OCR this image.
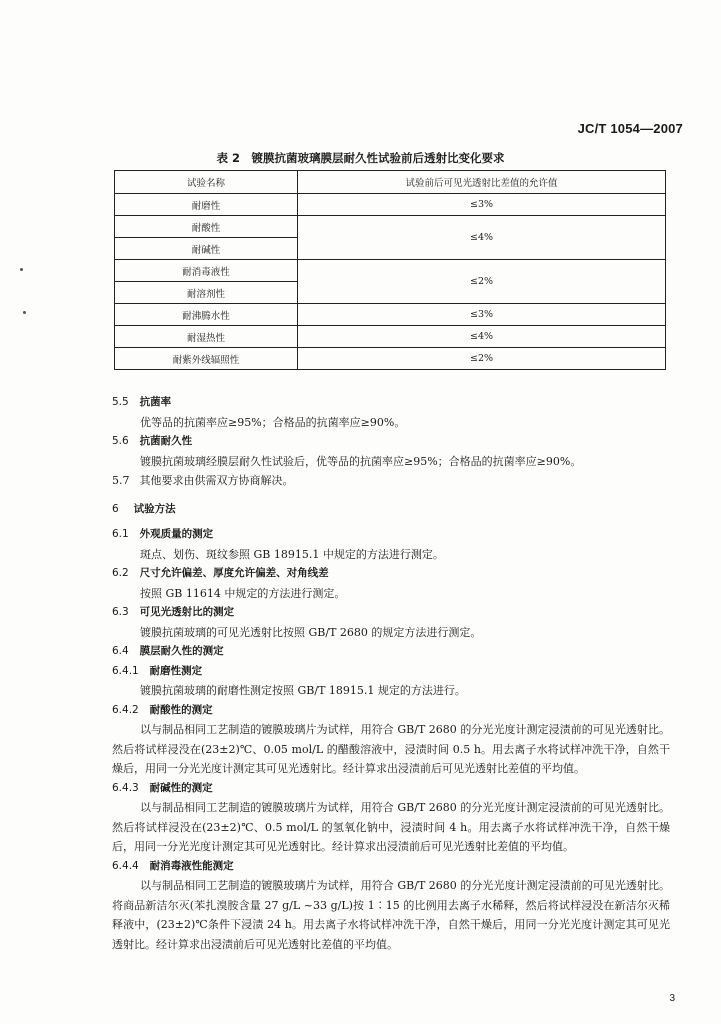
JC/T 1054—2007
表 2　镀膜抗菌玻璃膜层耐久性试验前后透射比变化要求
试验名称	试验前后可见光透射比差值的允许值
耐磨性	≤3%
耐酸性	≤4%
耐碱性	
耐消毒液性	≤2%
耐溶剂性	
耐沸腾水性	≤3%
耐湿热性	≤4%
耐紫外线辐照性	≤2%
5.5 抗菌率
优等品的抗菌率应≥95%；合格品的抗菌率应≥90%。
5.6 抗菌耐久性
镀膜抗菌玻璃经膜层耐久性试验后，优等品的抗菌率应≥95%；合格品的抗菌率应≥90%。
5.7 其他要求由供需双方协商解决。
6 试验方法
6.1 外观质量的测定
斑点、划伤、斑纹参照 GB 18915.1 中规定的方法进行测定。
6.2 尺寸允许偏差、厚度允许偏差、对角线差
按照 GB 11614 中规定的方法进行测定。
6.3 可见光透射比的测定
镀膜抗菌玻璃的可见光透射比按照 GB/T 2680 的规定方法进行测定。
6.4 膜层耐久性的测定
6.4.1 耐磨性测定
镀膜抗菌玻璃的耐磨性测定按照 GB/T 18915.1 规定的方法进行。
6.4.2 耐酸性的测定
以与制品相同工艺制造的镀膜玻璃片为试样，用符合 GB/T 2680 的分光光度计测定浸渍前的可见光透射比。然后将试样浸没在(23±2)℃、0.05 mol/L 的醋酸溶液中，浸渍时间 0.5 h。用去离子水将试样冲洗干净，自然干燥后，用同一分光光度计测定其可见光透射比。经计算求出浸渍前后可见光透射比差值的平均值。
6.4.3 耐碱性的测定
以与制品相同工艺制造的镀膜玻璃片为试样，用符合 GB/T 2680 的分光光度计测定浸渍前的可见光透射比。然后将试样浸没在(23±2)℃、0.5 mol/L 的氢氧化钠中，浸渍时间 4 h。用去离子水将试样冲洗干净，自然干燥后，用同一分光光度计测定其可见光透射比。经计算求出浸渍前后可见光透射比差值的平均值。
6.4.4 耐消毒液性能测定
以与制品相同工艺制造的镀膜玻璃片为试样，用符合 GB/T 2680 的分光光度计测定浸渍前的可见光透射比。将商品新洁尔灭(苯扎溴胺含量 27 g/L ~33 g/L)按 1∶15 的比例用去离子水稀释，然后将试样浸没在新洁尔灭稀释液中，(23±2)℃条件下浸渍 24 h。用去离子水将试样冲洗干净，自然干燥后，用同一分光光度计测定其可见光透射比。经计算求出浸渍前后可见光透射比差值的平均值。
3
